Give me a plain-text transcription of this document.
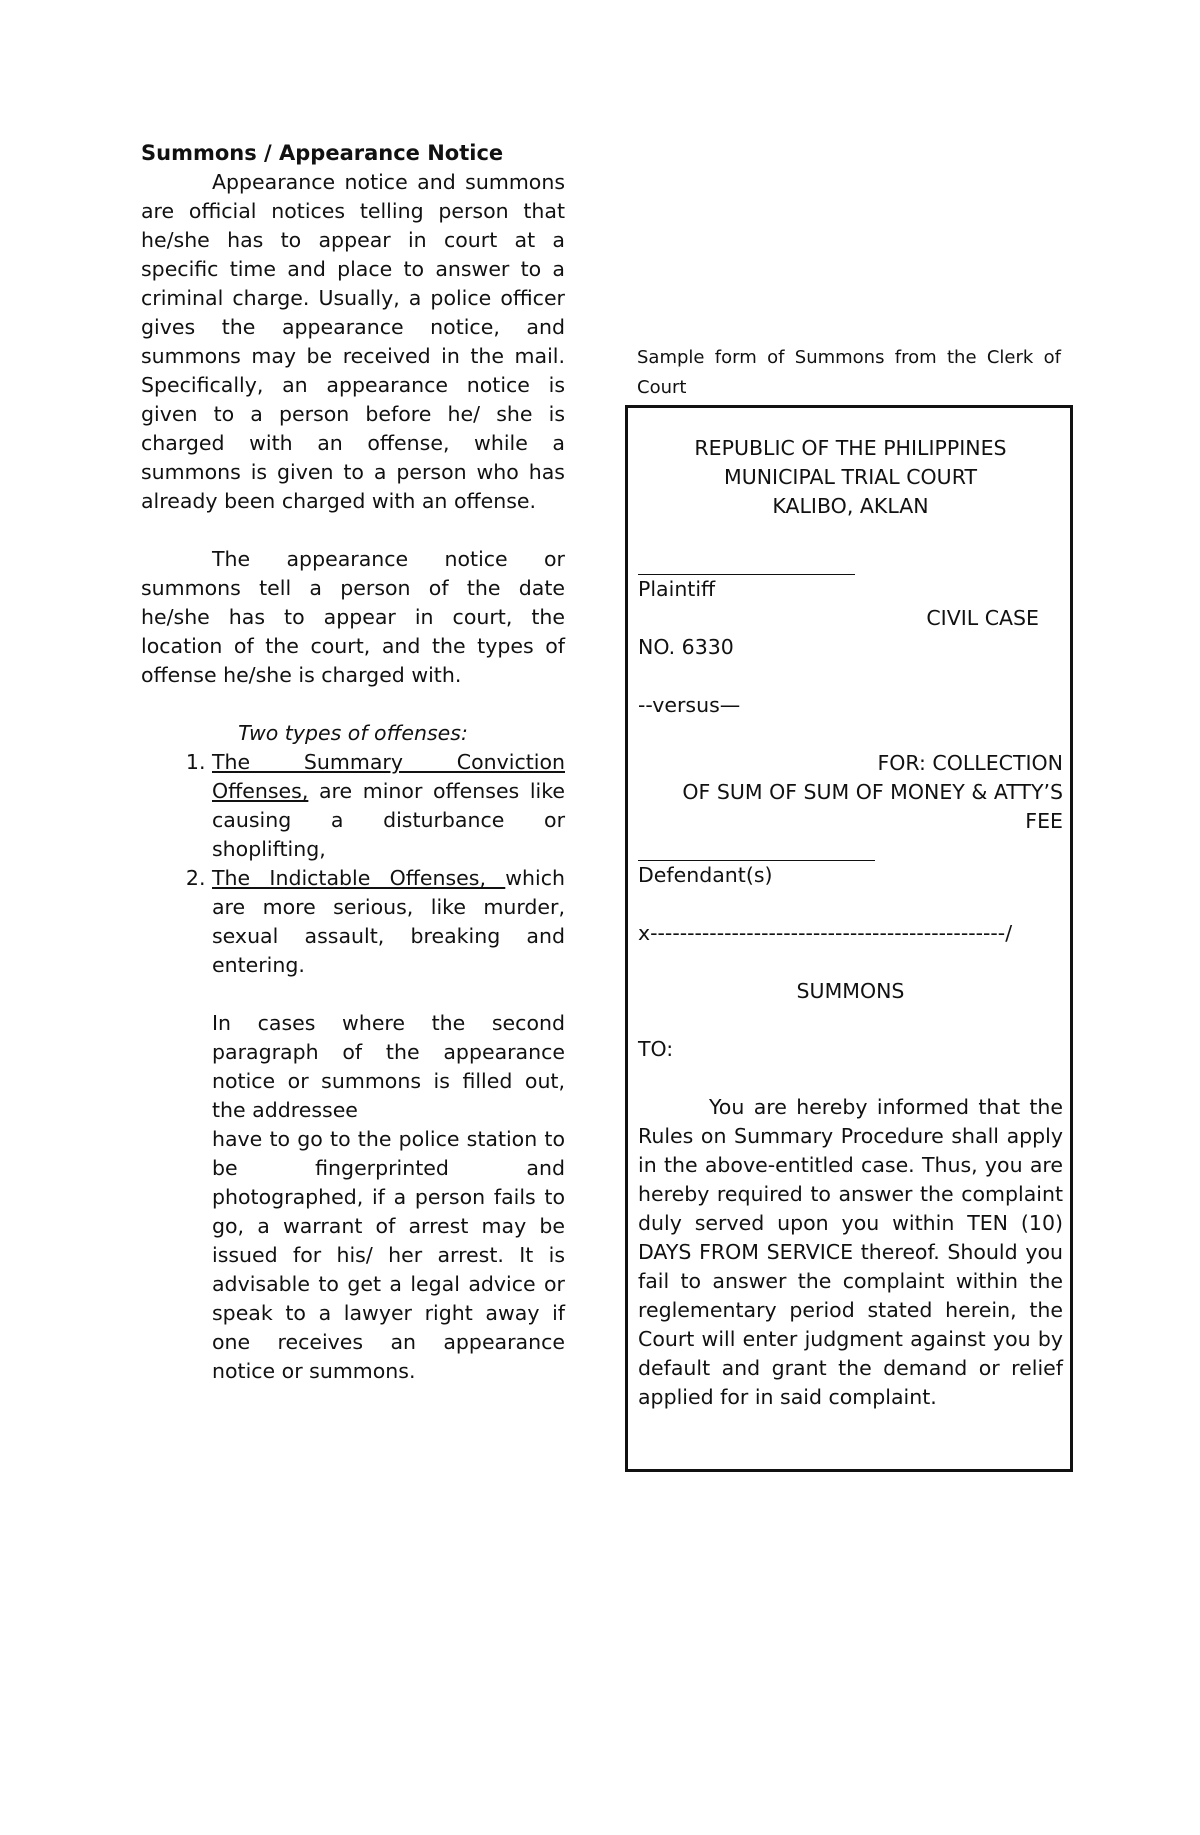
Summons / Appearance Notice

Appearance notice and summons are official notices telling person that he/she has to appear in court at a specific time and place to answer to a criminal charge. Usually, a police officer gives the appearance notice, and summons may be received in the mail. Specifically, an appearance notice is given to a person before he/ she is charged with an offense, while a summons is given to a person who has already been charged with an offense.

The appearance notice or summons tell a person of the date he/she has to appear in court, the location of the court, and the types of offense he/she is charged with.

Two types of offenses:

1. The Summary Conviction Offenses, are minor offenses like causing a disturbance or shoplifting,
2. The Indictable Offenses, which are more serious, like murder, sexual assault, breaking and entering.

In cases where the second paragraph of the appearance notice or summons is filled out, the addressee

have to go to the police station to be fingerprinted and photographed, if a person fails to go, a warrant of arrest may be issued for his/ her arrest. It is advisable to get a legal advice or speak to a lawyer right away if one receives an appearance notice or summons.

Sample form of Summons from the Clerk of Court

REPUBLIC OF THE PHILIPPINES

MUNICIPAL TRIAL COURT

KALIBO, AKLAN

Plaintiff

CIVIL CASE

NO. 6330

--versus—

FOR: COLLECTION

OF SUM OF SUM OF MONEY & ATTY’S

FEE

Defendant(s)

x------------------------------------------------/

SUMMONS

TO:

You are hereby informed that the Rules on Summary Procedure shall apply in the above-entitled case. Thus, you are hereby required to answer the complaint duly served upon you within TEN (10) DAYS FROM SERVICE thereof. Should you fail to answer the complaint within the reglementary period stated herein, the Court will enter judgment against you by default and grant the demand or relief applied for in said complaint.
